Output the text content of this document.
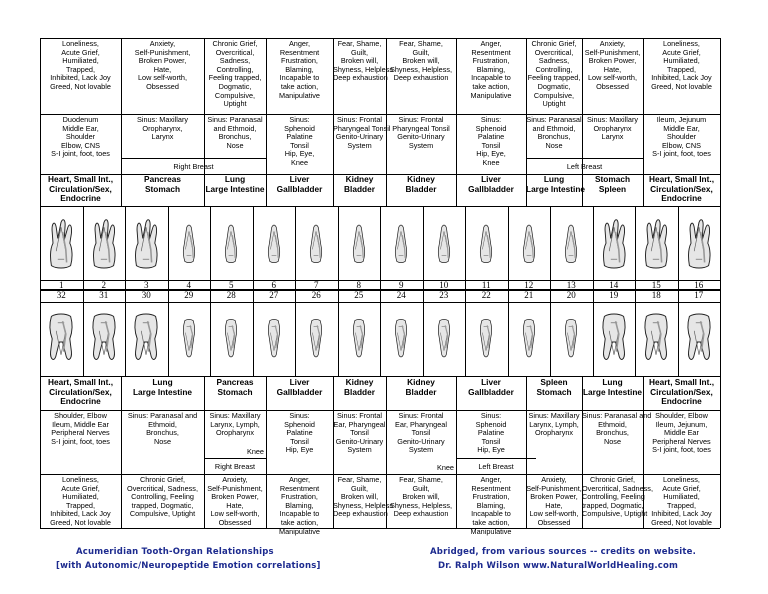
Loneliness,
Acute Grief,
Humiliated,
Trapped,
Inhibited, Lack Joy
Greed, Not lovable
Anxiety,
Self-Punishment,
Broken Power,
Hate,
Low self-worth,
Obsessed
Chronic Grief,
Overcritical,
Sadness,
Controlling,
Feeling trapped,
Dogmatic,
Compulsive,
Uptight
Anger,
Resentment
Frustration,
Blaming,
Incapable to
take action,
Manipulative
Fear, Shame,
Guilt,
Broken will,
Shyness, Helpless
Deep exhaustion
Fear, Shame,
Guilt,
Broken will,
Shyness, Helpless,
Deep exhaustion
Anger,
Resentment
Frustration,
Blaming,
Incapable to
take action,
Manipulative
Chronic Grief,
Overcritical,
Sadness,
Controlling,
Feeling trapped,
Dogmatic,
Compulsive,
Uptight
Anxiety,
Self-Punishment,
Broken Power,
Hate,
Low self-worth,
Obsessed
Loneliness,
Acute Grief,
Humiliated,
Trapped,
Inhibited, Lack Joy
Greed, Not lovable
Duodenum
Middle Ear,
Shoulder
Elbow, CNS
S-I joint, foot, toes
Sinus: Maxillary
Oropharynx,
Larynx
Sinus: Paranasal
and Ethmoid,
Bronchus,
Nose
Sinus:
Sphenoid
Palatine
Tonsil
Hip, Eye,
Knee
Sinus: Frontal
Pharyngeal Tonsil
Genito-Urinary
System
Sinus: Frontal
Pharyngeal Tonsil
Genito-Urinary
System
Sinus:
Sphenoid
Palatine
Tonsil
Hip, Eye,
Knee
Sinus: Paranasal
and Ethmoid,
Bronchus,
Nose
Sinus: Maxillary
Oropharynx
Larynx
Ileum, Jejunum
Middle Ear,
Shoulder
Elbow, CNS
S-I joint, foot, toes
Heart, Small Int.,
Circulation/Sex,
Endocrine
Pancreas
Stomach
Lung
Large Intestine
Liver
Gallbladder
Kidney
Bladder
Kidney
Bladder
Liver
Gallbladder
Lung
Large Intestine
Stomach
Spleen
Heart, Small Int.,
Circulation/Sex,
Endocrine
Heart, Small Int.,
Circulation/Sex,
Endocrine
Lung
Large Intestine
Pancreas
Stomach
Liver
Gallbladder
Kidney
Bladder
Kidney
Bladder
Liver
Gallbladder
Spleen
Stomach
Lung
Large Intestine
Heart, Small Int.,
Circulation/Sex,
Endocrine
Shoulder, Elbow
Ileum, Middle Ear
Peripheral Nerves
S-I joint, foot, toes
Sinus: Paranasal and
Ethmoid,
Bronchus,
Nose
Sinus: Maxillary
Larynx, Lymph,
Oropharynx
Sinus:
Sphenoid
Palatine
Tonsil
Hip, Eye
Sinus: Frontal
Ear, Pharyngeal
Tonsil
Genito-Urinary
System
Sinus: Frontal
Ear, Pharyngeal
Tonsil
Genito-Urinary
System
Sinus:
Sphenoid
Palatine
Tonsil
Hip, Eye
Sinus: Maxillary
Larynx, Lymph,
Oropharynx
Sinus: Paranasal and
Ethmoid,
Bronchus,
Nose
Shoulder, Elbow
Ileum, Jejunum,
Middle Ear
Peripheral Nerves
S-I joint, foot, toes
Loneliness,
Acute Grief,
Humiliated,
Trapped,
Inhibited, Lack Joy
Greed, Not lovable
Chronic Grief,
Overcritical, Sadness,
Controlling, Feeling
trapped, Dogmatic,
Compulsive, Uptight
Anxiety,
Self-Punishment,
Broken Power,
Hate,
Low self-worth,
Obsessed
Anger,
Resentment
Frustration,
Blaming,
Incapable to
take action,
Manipulative
Fear, Shame,
Guilt,
Broken will,
Shyness, Helpless
Deep exhaustion
Fear, Shame,
Guilt,
Broken will,
Shyness, Helpless,
Deep exhaustion
Anger,
Resentment
Frustration,
Blaming,
Incapable to
take action,
Manipulative
Anxiety,
Self-Punishment,
Broken Power,
Hate,
Low self-worth,
Obsessed
Chronic Grief,
Overcritical, Sadness,
Controlling, Feeling
trapped, Dogmatic,
Compulsive, Uptight
Loneliness,
Acute Grief,
Humiliated,
Trapped,
Inhibited, Lack Joy
Greed, Not lovable
Right Breast	Left Breast
Right Breast	Left Breast
Knee
Knee
1
32
2
31
3
30
4
29
5
28
6
27
7
26
8
25
9
24
10
23
11
22
12
21
13
20
14
19
15
18
16
17
Acumeridian Tooth-Organ Relationships
[with Autonomic/Neuropeptide Emotion correlations]
Abridged, from various sources -- credits on website.
Dr. Ralph Wilson www.NaturalWorldHealing.com
